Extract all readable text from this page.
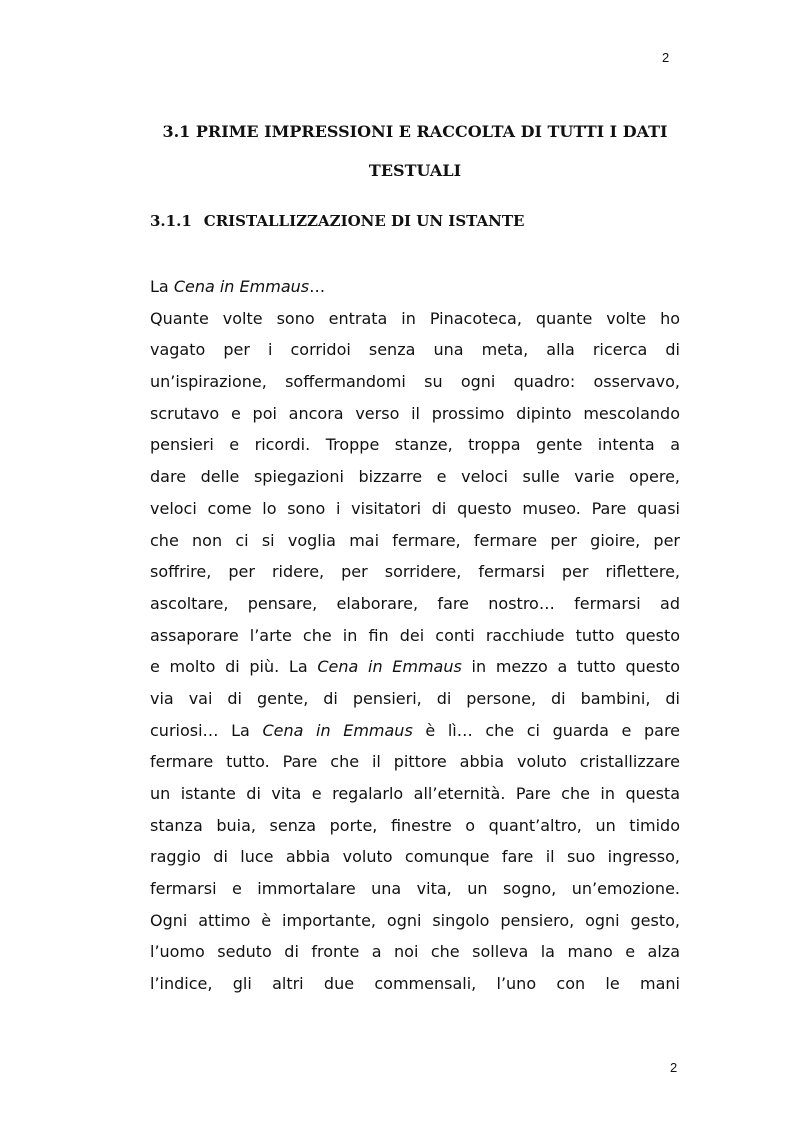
2
3.1 PRIME IMPRESSIONI E RACCOLTA DI TUTTI I DATI TESTUALI
3.1.1 CRISTALLIZZAZIONE DI UN ISTANTE
La Cena in Emmaus…
Quante volte sono entrata in Pinacoteca, quante volte ho
vagato per i corridoi senza una meta, alla ricerca di
un’ispirazione, soffermandomi su ogni quadro: osservavo,
scrutavo e poi ancora verso il prossimo dipinto mescolando
pensieri e ricordi. Troppe stanze, troppa gente intenta a
dare delle spiegazioni bizzarre e veloci sulle varie opere,
veloci come lo sono i visitatori di questo museo. Pare quasi
che non ci si voglia mai fermare, fermare per gioire, per
soffrire, per ridere, per sorridere, fermarsi per riflettere,
ascoltare, pensare, elaborare, fare nostro… fermarsi ad
assaporare l’arte che in fin dei conti racchiude tutto questo
e molto di più. La Cena in Emmaus in mezzo a tutto questo
via vai di gente, di pensieri, di persone, di bambini, di
curiosi… La Cena in Emmaus è lì… che ci guarda e pare
fermare tutto. Pare che il pittore abbia voluto cristallizzare
un istante di vita e regalarlo all’eternità. Pare che in questa
stanza buia, senza porte, finestre o quant’altro, un timido
raggio di luce abbia voluto comunque fare il suo ingresso,
fermarsi e immortalare una vita, un sogno, un’emozione.
Ogni attimo è importante, ogni singolo pensiero, ogni gesto,
l’uomo seduto di fronte a noi che solleva la mano e alza
l’indice, gli altri due commensali, l’uno con le mani
2
